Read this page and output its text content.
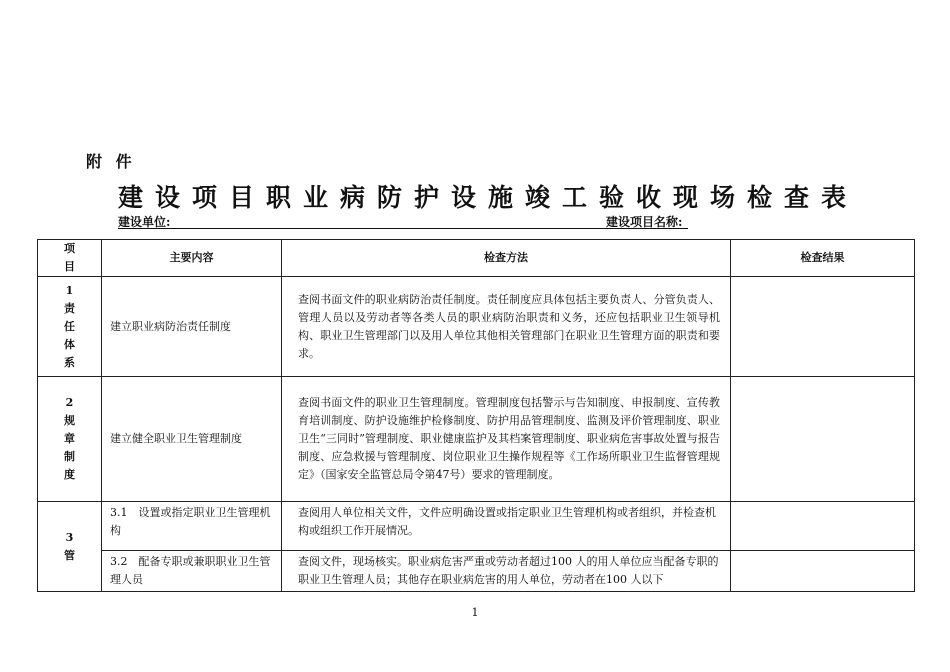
附 件
建设项目职业病防护设施竣工验收现场检查表
建设单位:	建设项目名称:
项目	主要内容	检查方法	检查结果

1
责
任
体
系	建立职业病防治责任制度	查阅书面文件的职业病防治责任制度。责任制度应具体包括主要负责人、分管负责人、管理人员以及劳动者等各类人员的职业病防治职责和义务，还应包括职业卫生领导机构、职业卫生管理部门以及用人单位其他相关管理部门在职业卫生管理方面的职责和要求。	

2
规
章
制
度	建立健全职业卫生管理制度	查阅书面文件的职业卫生管理制度。管理制度包括警示与告知制度、申报制度、宣传教育培训制度、防护设施维护检修制度、防护用品管理制度、监测及评价管理制度、职业卫生“三同时”管理制度、职业健康监护及其档案管理制度、职业病危害事故处置与报告制度、应急救援与管理制度、岗位职业卫生操作规程等《工作场所职业卫生监督管理规定》（国家安全监管总局令第47号）要求的管理制度。	

3
管	3.1　设置或指定职业卫生管理机构	查阅用人单位相关文件，文件应明确设置或指定职业卫生管理机构或者组织，并检查机构或组织工作开展情况。	
	3.2　配备专职或兼职职业卫生管理人员	查阅文件，现场核实。职业病危害严重或劳动者超过100 人的用人单位应当配备专职的职业卫生管理人员；其他存在职业病危害的用人单位，劳动者在100 人以下	
1
